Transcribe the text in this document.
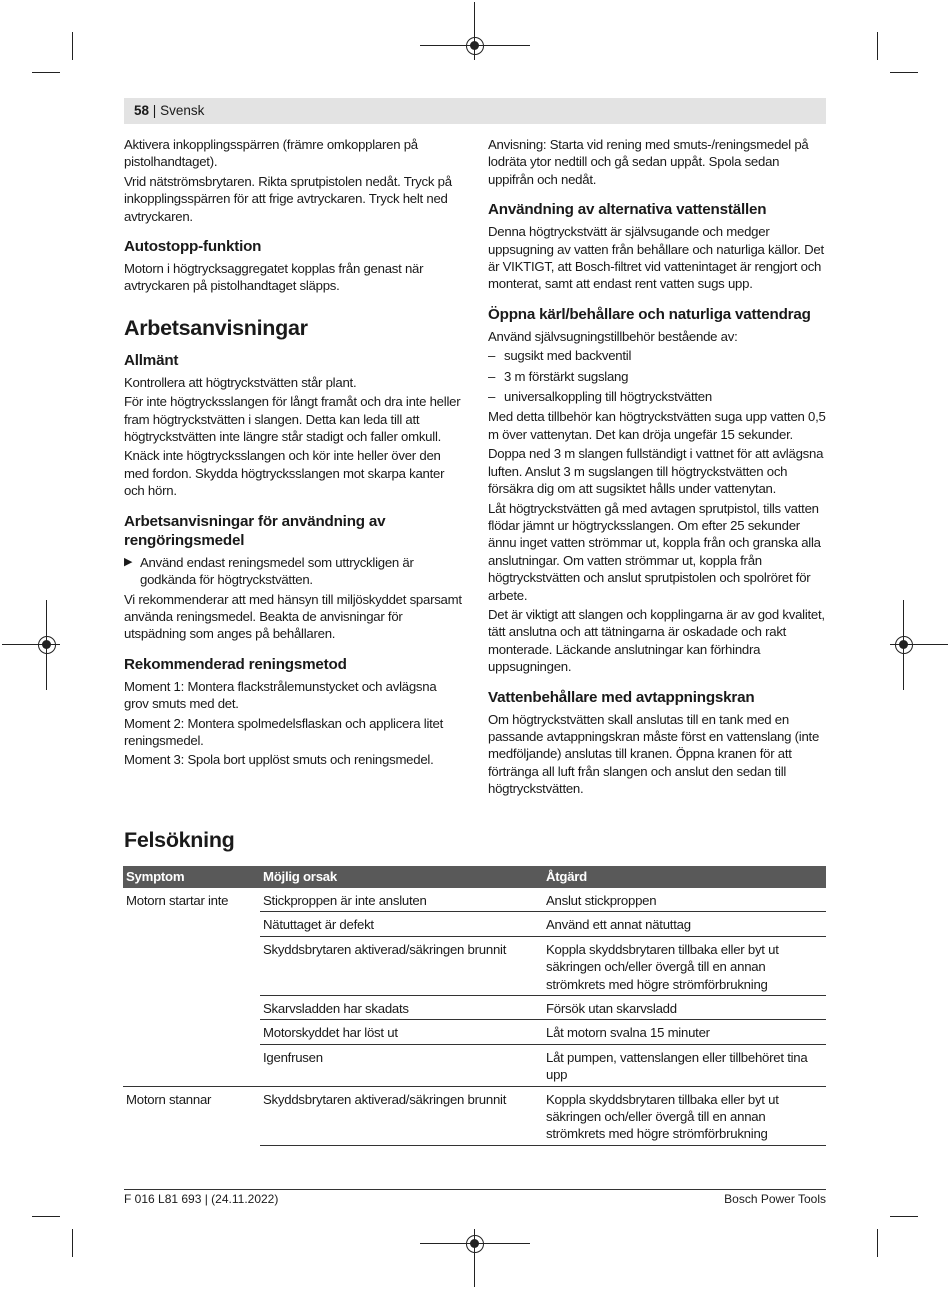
58 | Svensk

Aktivera inkopplingsspärren (främre omkopplaren på pistolhandtaget).

Vrid nätströmsbrytaren. Rikta sprutpistolen nedåt. Tryck på inkopplingsspärren för att frige avtryckaren. Tryck helt ned avtryckaren.

Autostopp-funktion

Motorn i högtrycksaggregatet kopplas från genast när avtryckaren på pistolhandtaget släpps.

Arbetsanvisningar
Allmänt

Kontrollera att högtryckstvätten står plant.

För inte högtrycksslangen för långt framåt och dra inte heller fram högtryckstvätten i slangen. Detta kan leda till att högtryckstvätten inte längre står stadigt och faller omkull.

Knäck inte högtrycksslangen och kör inte heller över den med fordon. Skydda högtrycksslangen mot skarpa kanter och hörn.

Arbetsanvisningar för användning av rengöringsmedel
▶ Använd endast reningsmedel som uttryckligen är godkända för högtryckstvätten.

Vi rekommenderar att med hänsyn till miljöskyddet sparsamt använda reningsmedel. Beakta de anvisningar för utspädning som anges på behållaren.

Rekommenderad reningsmetod

Moment 1: Montera flackstrålemunstycket och avlägsna grov smuts med det.

Moment 2: Montera spolmedelsflaskan och applicera litet reningsmedel.

Moment 3: Spola bort upplöst smuts och reningsmedel.

Anvisning: Starta vid rening med smuts-/reningsmedel på lodräta ytor nedtill och gå sedan uppåt. Spola sedan uppifrån och nedåt.

Användning av alternativa vattenställen

Denna högtryckstvätt är självsugande och medger uppsugning av vatten från behållare och naturliga källor. Det är VIKTIGT, att Bosch-filtret vid vattenintaget är rengjort och monterat, samt att endast rent vatten sugs upp.

Öppna kärl/behållare och naturliga vattendrag

Använd självsugningstillbehör bestående av:

– sugsikt med backventil
– 3 m förstärkt sugslang
– universalkoppling till högtryckstvätten

Med detta tillbehör kan högtryckstvätten suga upp vatten 0,5 m över vattenytan. Det kan dröja ungefär 15 sekunder.

Doppa ned 3 m slangen fullständigt i vattnet för att avlägsna luften. Anslut 3 m sugslangen till högtryckstvätten och försäkra dig om att sugsiktet hålls under vattenytan.

Låt högtryckstvätten gå med avtagen sprutpistol, tills vatten flödar jämnt ur högtrycksslangen. Om efter 25 sekunder ännu inget vatten strömmar ut, koppla från och granska alla anslutningar. Om vatten strömmar ut, koppla från högtryckstvätten och anslut sprutpistolen och spolröret för arbete.

Det är viktigt att slangen och kopplingarna är av god kvalitet, tätt anslutna och att tätningarna är oskadade och rakt monterade. Läckande anslutningar kan förhindra uppsugningen.

Vattenbehållare med avtappningskran

Om högtryckstvätten skall anslutas till en tank med en passande avtappningskran måste först en vattenslang (inte medföljande) anslutas till kranen. Öppna kranen för att förtränga all luft från slangen och anslut den sedan till högtryckstvätten.

Felsökning
Symptom	Möjlig orsak	Åtgärd
Motorn startar inte	Stickproppen är inte ansluten	Anslut stickproppen
	Nätuttaget är defekt	Använd ett annat nätuttag
	Skyddsbrytaren aktiverad/säkringen brunnit	Koppla skyddsbrytaren tillbaka eller byt ut säkringen och/eller övergå till en annan strömkrets med högre strömförbrukning
	Skarvsladden har skadats	Försök utan skarvsladd
	Motorskyddet har löst ut	Låt motorn svalna 15 minuter
	Igenfrusen	Låt pumpen, vattenslangen eller tillbehöret tina upp
Motorn stannar	Skyddsbrytaren aktiverad/säkringen brunnit	Koppla skyddsbrytaren tillbaka eller byt ut säkringen och/eller övergå till en annan strömkrets med högre strömförbrukning
F 016 L81 693 | (24.11.2022)	Bosch Power Tools
